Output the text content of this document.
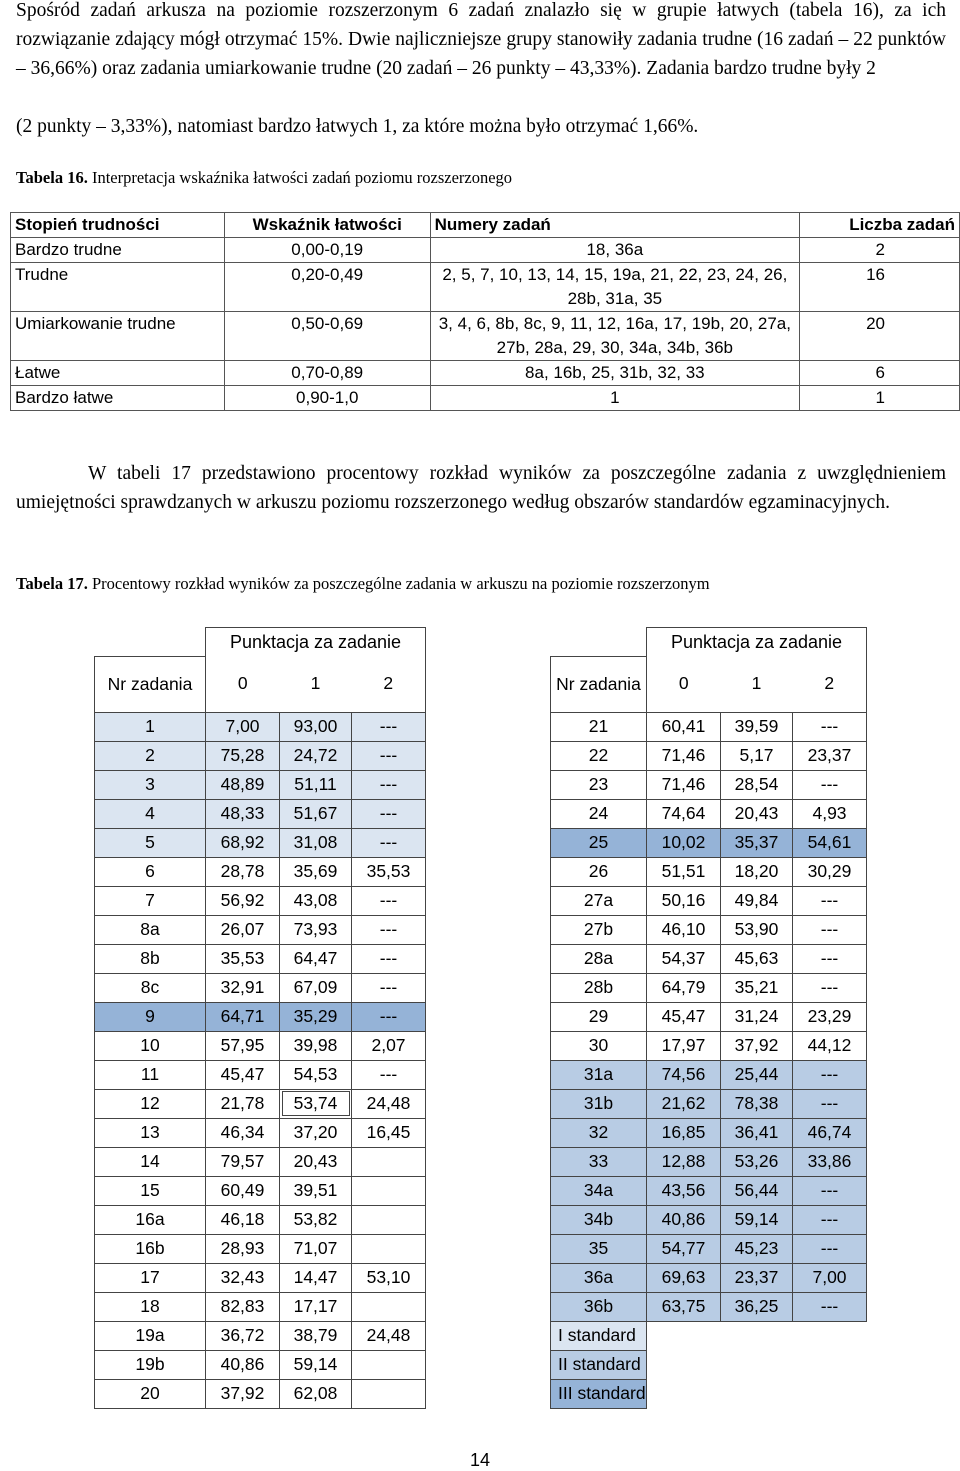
Spośród zadań arkusza na poziomie rozszerzonym 6 zadań znalazło się w grupie łatwych (tabela 16), za ich rozwiązanie zdający mógł otrzymać 15%. Dwie najliczniejsze grupy stanowiły zadania trudne (16 zadań – 22 punktów – 36,66%) oraz zadania umiarkowanie trudne (20 zadań – 26 punkty – 43,33%). Zadania bardzo trudne były 2
(2 punkty – 3,33%), natomiast bardzo łatwych 1, za które można było otrzymać 1,66%.
Tabela 16. Interpretacja wskaźnika łatwości zadań poziomu rozszerzonego
Stopień trudności	Wskaźnik łatwości	Numery zadań	Liczba zadań
Bardzo trudne	0,00-0,19	18, 36a	2
Trudne	0,20-0,49	2, 5, 7, 10, 13, 14, 15, 19a, 21, 22, 23, 24, 26, 28b, 31a, 35	16
Umiarkowanie trudne	0,50-0,69	3, 4, 6, 8b, 8c, 9, 11, 12, 16a, 17, 19b, 20, 27a, 27b, 28a, 29, 30, 34a, 34b, 36b	20
Łatwe	0,70-0,89	8a, 16b, 25, 31b, 32, 33	6
Bardzo łatwe	0,90-1,0	1	1
W tabeli 17 przedstawiono procentowy rozkład wyników za poszczególne zadania z uwzględnieniem umiejętności sprawdzanych w arkuszu poziomu rozszerzonego według obszarów standardów egzaminacyjnych.
Tabela 17. Procentowy rozkład wyników za poszczególne zadania w arkuszu na poziomie rozszerzonym
	Punktacja za zadanie		
Nr zadania	0	1	2
1	7,00	93,00	---
2	75,28	24,72	---
3	48,89	51,11	---
4	48,33	51,67	---
5	68,92	31,08	---
6	28,78	35,69	35,53
7	56,92	43,08	---
8a	26,07	73,93	---
8b	35,53	64,47	---
8c	32,91	67,09	---
9	64,71	35,29	---
10	57,95	39,98	2,07
11	45,47	54,53	---
12	21,78	53,74	24,48
13	46,34	37,20	16,45
14	79,57	20,43	
15	60,49	39,51	
16a	46,18	53,82	
16b	28,93	71,07	
17	32,43	14,47	53,10
18	82,83	17,17	
19a	36,72	38,79	24,48
19b	40,86	59,14	
20	37,92	62,08	
	Punktacja za zadanie		
Nr zadania	0	1	2
21	60,41	39,59	---
22	71,46	5,17	23,37
23	71,46	28,54	---
24	74,64	20,43	4,93
25	10,02	35,37	54,61
26	51,51	18,20	30,29
27a	50,16	49,84	---
27b	46,10	53,90	---
28a	54,37	45,63	---
28b	64,79	35,21	---
29	45,47	31,24	23,29
30	17,97	37,92	44,12
31a	74,56	25,44	---
31b	21,62	78,38	---
32	16,85	36,41	46,74
33	12,88	53,26	33,86
34a	43,56	56,44	---
34b	40,86	59,14	---
35	54,77	45,23	---
36a	69,63	23,37	7,00
36b	63,75	36,25	---
I standard			
II standard			
III standard			
14
